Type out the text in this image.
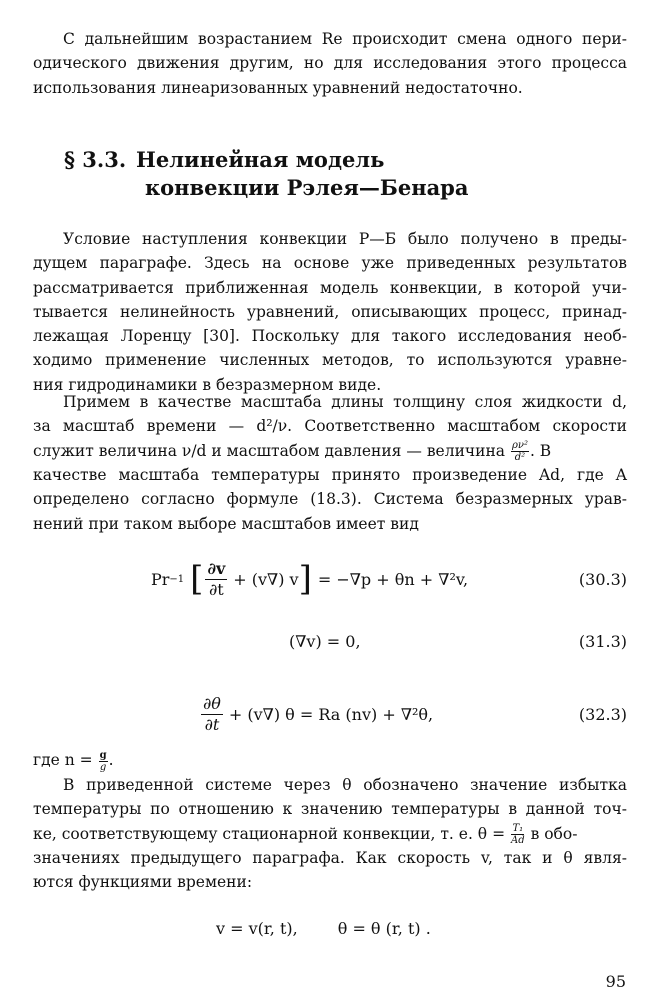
С дальнейшим возрастанием Re происходит смена одного пери-
одического движения другим, но для исследования этого процесса
использования линеаризованных уравнений недостаточно.
§ 3.3. Нелинейная модель
конвекции Рэлея—Бенара
Условие наступления конвекции Р—Б было получено в преды-
дущем параграфе. Здесь на основе уже приведенных результатов
рассматривается приближенная модель конвекции, в которой учи-
тывается нелинейность уравнений, описывающих процесс, принад-
лежащая Лоренцу [30]. Поскольку для такого исследования необ-
ходимо применение численных методов, то используются уравне-
ния гидродинамики в безразмерном виде.
Примем в качестве масштаба длины толщину слоя жидкости d,
за масштаб времени — d²/ν. Соответственно масштабом скорости
служит величина ν/d и масштабом давления — величина $\frac{\text{ρν²}}{\text{d²}}$ . В
качестве масштаба температуры принято произведение Ad, где A
определено согласно формуле (18.3). Система безразмерных урав-
нений при таком выборе масштабов имеет вид
Pr −1 [ $\frac{\partial v}{\partial t} + (v\nabla)$ v ] = −∇p + θn + ∇²v,	(30.3)
(∇v) = 0,	(31.3)
$\frac{\partial\theta}{\partial t} + (v\nabla) \theta = Ra$ (nv) + ∇²θ,	(32.3)
где $n = \frac{g}{g}$ .
В приведенной системе через θ обозначено значение избытка
температуры по отношению к значению температуры в данной точ-
ке, соответствующему стационарной конвекции, т. е. $\theta = \frac{\text{T₁}}{Ad}$ в обо-
значениях предыдущего параграфа. Как скорость v, так и θ явля-
ются функциями времени:
v = v(r, t),	θ = θ (r, t) .
95
